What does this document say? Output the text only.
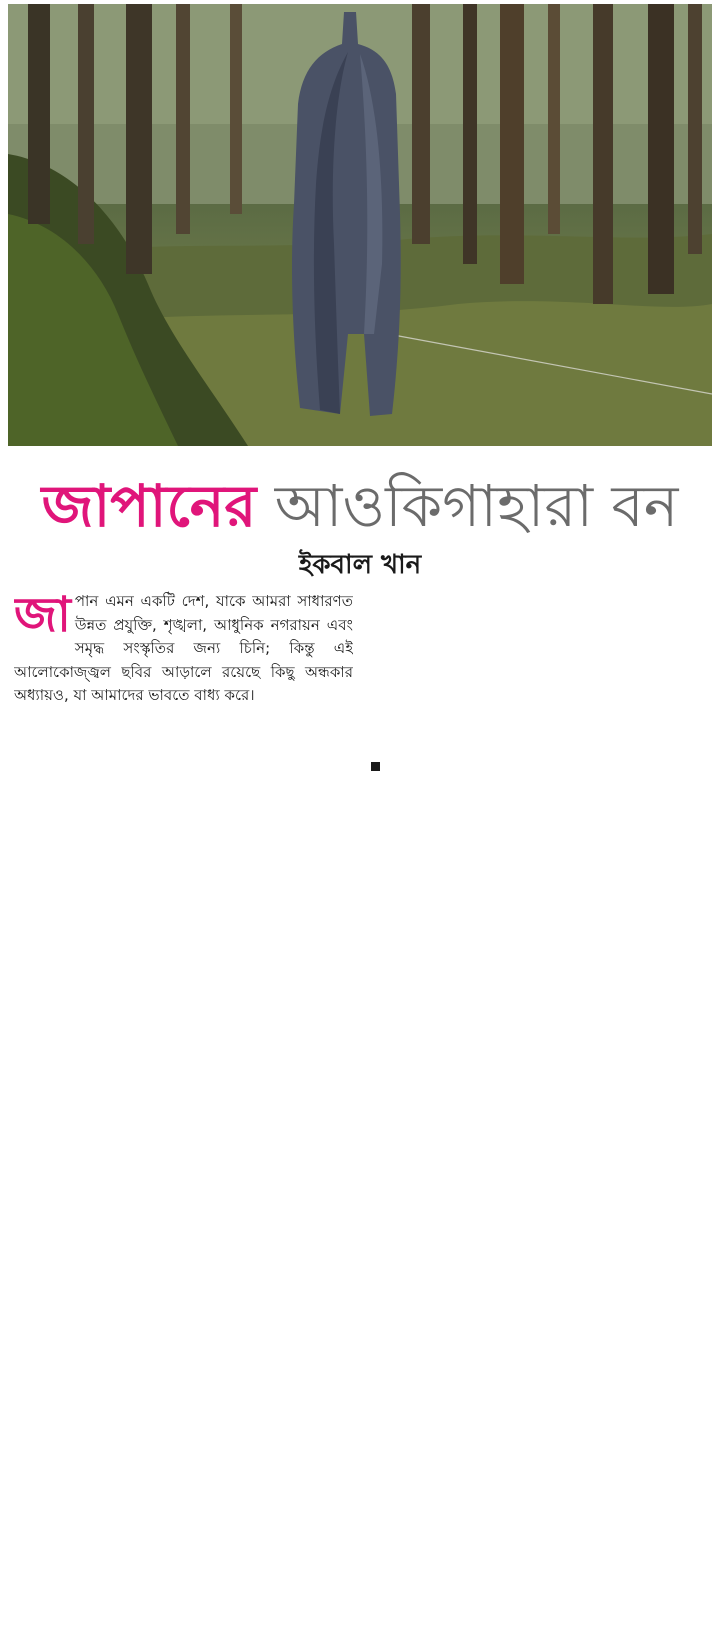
জাপানের আওকিগাহারা বন
ইকবাল খান
জা পান এমন একটি দেশ, যাকে আমরা সাধারণত উন্নত প্রযুক্তি, শৃঙ্খলা, আধুনিক নগরায়ন এবং সমৃদ্ধ সংস্কৃতির জন্য চিনি; কিন্তু এই আলোকোজ্জ্বল ছবির আড়ালে রয়েছে কিছু অন্ধকার অধ্যায়ও, যা আমাদের ভাবতে বাধ্য করে।
